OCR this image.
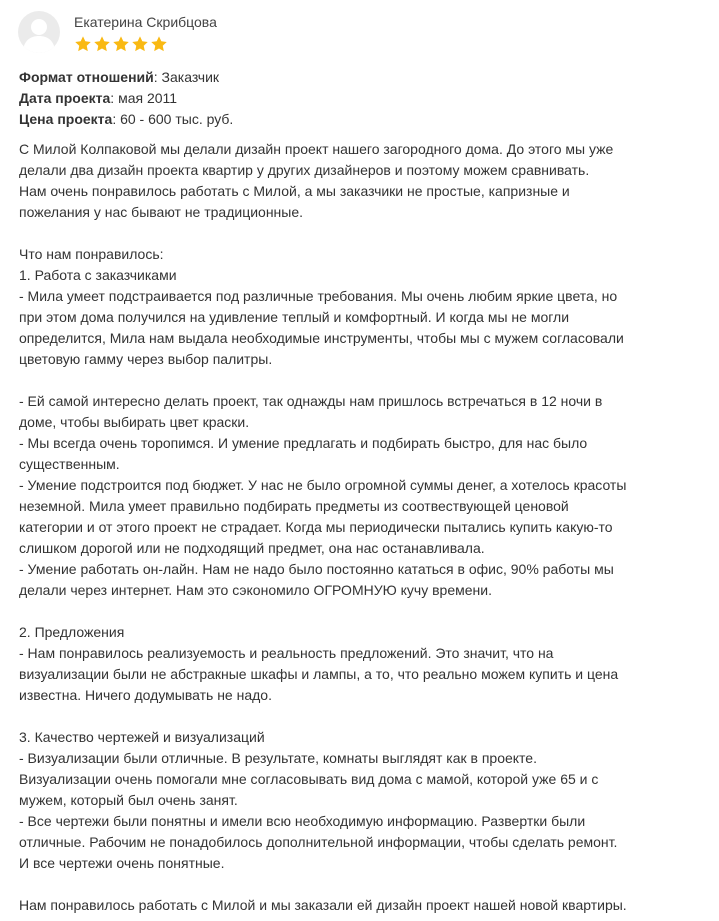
Екатерина Скрибцова
Формат отношений: Заказчик
Дата проекта: мая 2011
Цена проекта: 60 - 600 тыс. руб.
С Милой Колпаковой мы делали дизайн проект нашего загородного дома. До этого мы уже
делали два дизайн проекта квартир у других дизайнеров и поэтому можем сравнивать.
Нам очень понравилось работать с Милой, а мы заказчики не простые, капризные и
пожелания у нас бывают не традиционные.
Что нам понравилось:
1. Работа с заказчиками
- Мила умеет подстраивается под различные требования. Мы очень любим яркие цвета, но
при этом дома получился на удивление теплый и комфортный. И когда мы не могли
определится, Мила нам выдала необходимые инструменты, чтобы мы с мужем согласовали
цветовую гамму через выбор палитры.
- Ей самой интересно делать проект, так однажды нам пришлось встречаться в 12 ночи в
доме, чтобы выбирать цвет краски.
- Мы всегда очень торопимся. И умение предлагать и подбирать быстро, для нас было
существенным.
- Умение подстроится под бюджет. У нас не было огромной суммы денег, а хотелось красоты
неземной. Мила умеет правильно подбирать предметы из соотвествующей ценовой
категории и от этого проект не страдает. Когда мы периодически пытались купить какую-то
слишком дорогой или не подходящий предмет, она нас останавливала.
- Умение работать он-лайн. Нам не надо было постоянно кататься в офис, 90% работы мы
делали через интернет. Нам это сэкономило ОГРОМНУЮ кучу времени.
2. Предложения
- Нам понравилось реализуемость и реальность предложений. Это значит, что на
визуализации были не абстракные шкафы и лампы, а то, что реально можем купить и цена
известна. Ничего додумывать не надо.
3. Качество чертежей и визуализаций
- Визуализации были отличные. В результате, комнаты выглядят как в проекте.
Визуализации очень помогали мне согласовывать вид дома с мамой, которой уже 65 и с
мужем, который был очень занят.
- Все чертежи были понятны и имели всю необходимую информацию. Развертки были
отличные. Рабочим не понадобилось дополнительной информации, чтобы сделать ремонт.
И все чертежи очень понятные.
Нам понравилось работать с Милой и мы заказали ей дизайн проект нашей новой квартиры.
